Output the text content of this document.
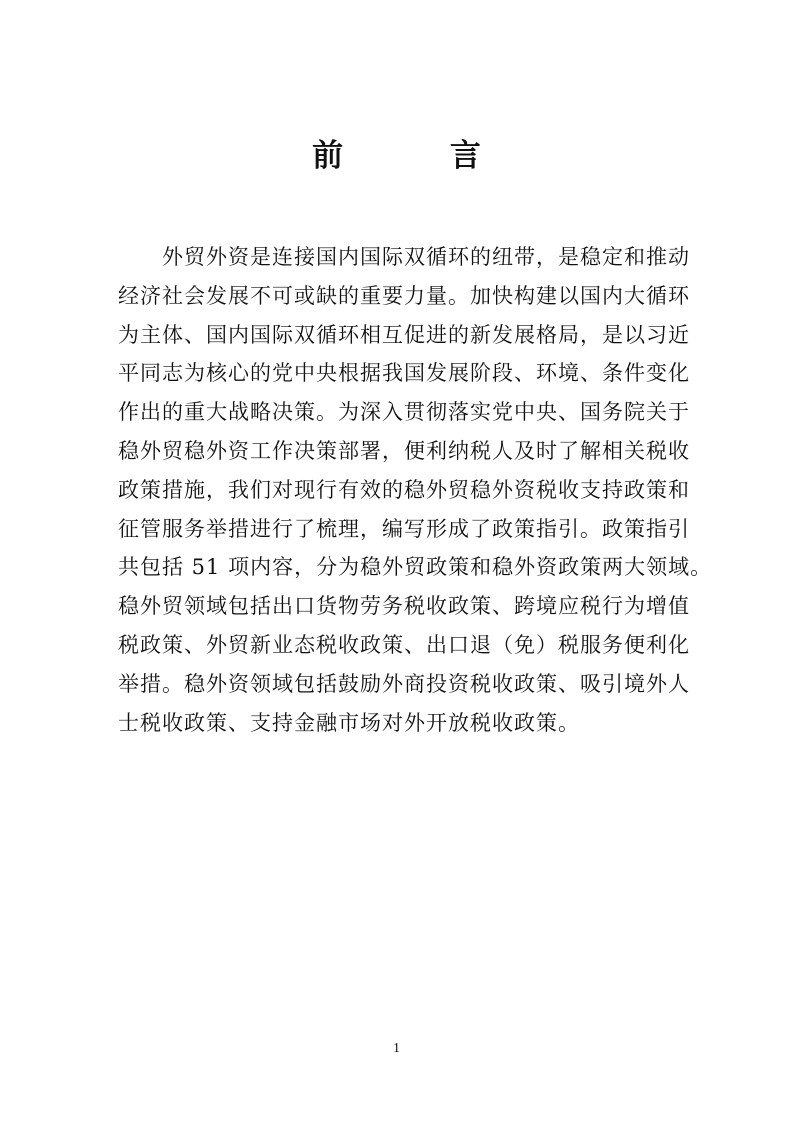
前 言
　　外贸外资是连接国内国际双循环的纽带，是稳定和推动
经济社会发展不可或缺的重要力量。加快构建以国内大循环
为主体、国内国际双循环相互促进的新发展格局，是以习近
平同志为核心的党中央根据我国发展阶段、环境、条件变化
作出的重大战略决策。为深入贯彻落实党中央、国务院关于
稳外贸稳外资工作决策部署，便利纳税人及时了解相关税收
政策措施，我们对现行有效的稳外贸稳外资税收支持政策和
征管服务举措进行了梳理，编写形成了政策指引。政策指引
共包括 51 项内容，分为稳外贸政策和稳外资政策两大领域。
稳外贸领域包括出口货物劳务税收政策、跨境应税行为增值
税政策、外贸新业态税收政策、出口退（免）税服务便利化
举措。稳外资领域包括鼓励外商投资税收政策、吸引境外人
士税收政策、支持金融市场对外开放税收政策。
1
